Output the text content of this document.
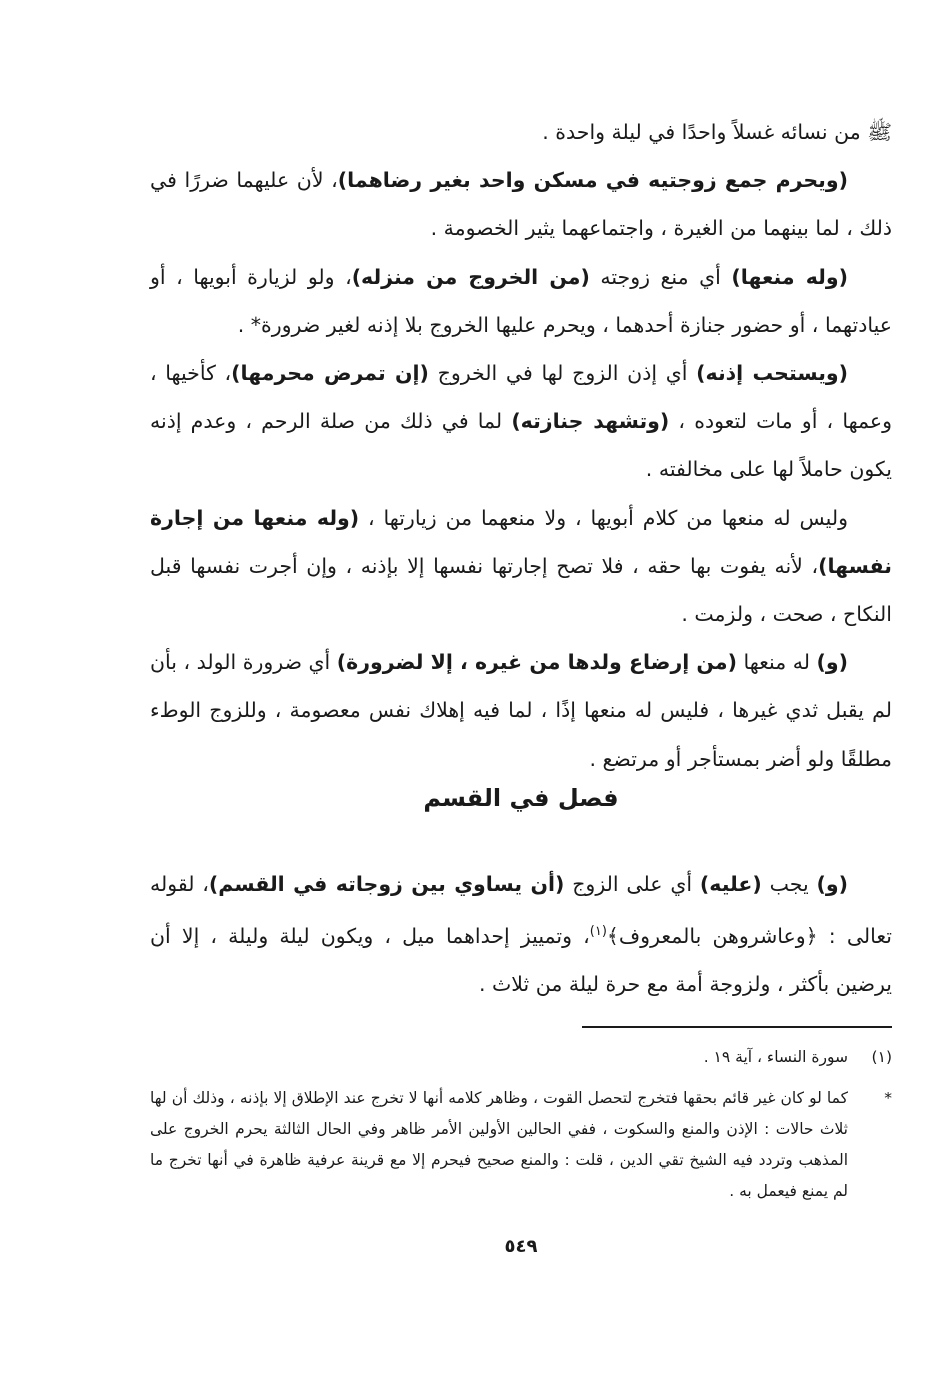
ﷺ من نسائه غسلاً واحدًا في ليلة واحدة .

(ويحرم جمع زوجتيه في مسكن واحد بغير رضاهما)، لأن عليهما ضررًا في ذلك ، لما بينهما من الغيرة ، واجتماعهما يثير الخصومة .

(وله منعها) أي منع زوجته (من الخروج من منزله)، ولو لزيارة أبويها ، أو عيادتهما ، أو حضور جنازة أحدهما ، ويحرم عليها الخروج بلا إذنه لغير ضرورة* .

(ويستحب إذنه) أي إذن الزوج لها في الخروج (إن تمرض محرمها)، كأخيها ، وعمها ، أو مات لتعوده ، (وتشهد جنازته) لما في ذلك من صلة الرحم ، وعدم إذنه يكون حاملاً لها على مخالفته .

وليس له منعها من كلام أبويها ، ولا منعهما من زيارتها ، (وله منعها من إجارة نفسها)، لأنه يفوت بها حقه ، فلا تصح إجارتها نفسها إلا بإذنه ، وإن أجرت نفسها قبل النكاح ، صحت ، ولزمت .

(و) له منعها (من إرضاع ولدها من غيره ، إلا لضرورة) أي ضرورة الولد ، بأن لم يقبل ثدي غيرها ، فليس له منعها إذًا ، لما فيه إهلاك نفس معصومة ، وللزوج الوطء مطلقًا ولو أضر بمستأجر أو مرتضع .

فصل في القسم

(و) يجب (عليه) أي على الزوج (أن يساوي بين زوجاته في القسم)، لقوله تعالى : ﴿وعاشروهن بالمعروف﴾$^{(١)}$، وتمييز إحداهما ميل ، ويكون ليلة وليلة ، إلا أن يرضين بأكثر ، ولزوجة أمة مع حرة ليلة من ثلاث .

(١)
سورة النساء ، آية ١٩ .
*
كما لو كان غير قائم بحقها فتخرج لتحصل القوت ، وظاهر كلامه أنها لا تخرج عند الإطلاق إلا بإذنه ، وذلك أن لها ثلاث حالات : الإذن والمنع والسكوت ، ففي الحالين الأولين الأمر ظاهر وفي الحال الثالثة يحرم الخروج على المذهب وتردد فيه الشيخ تقي الدين ، قلت : والمنع صحيح فيحرم إلا مع قرينة عرفية ظاهرة في أنها تخرج ما لم يمنع فيعمل به .
٥٤٩
